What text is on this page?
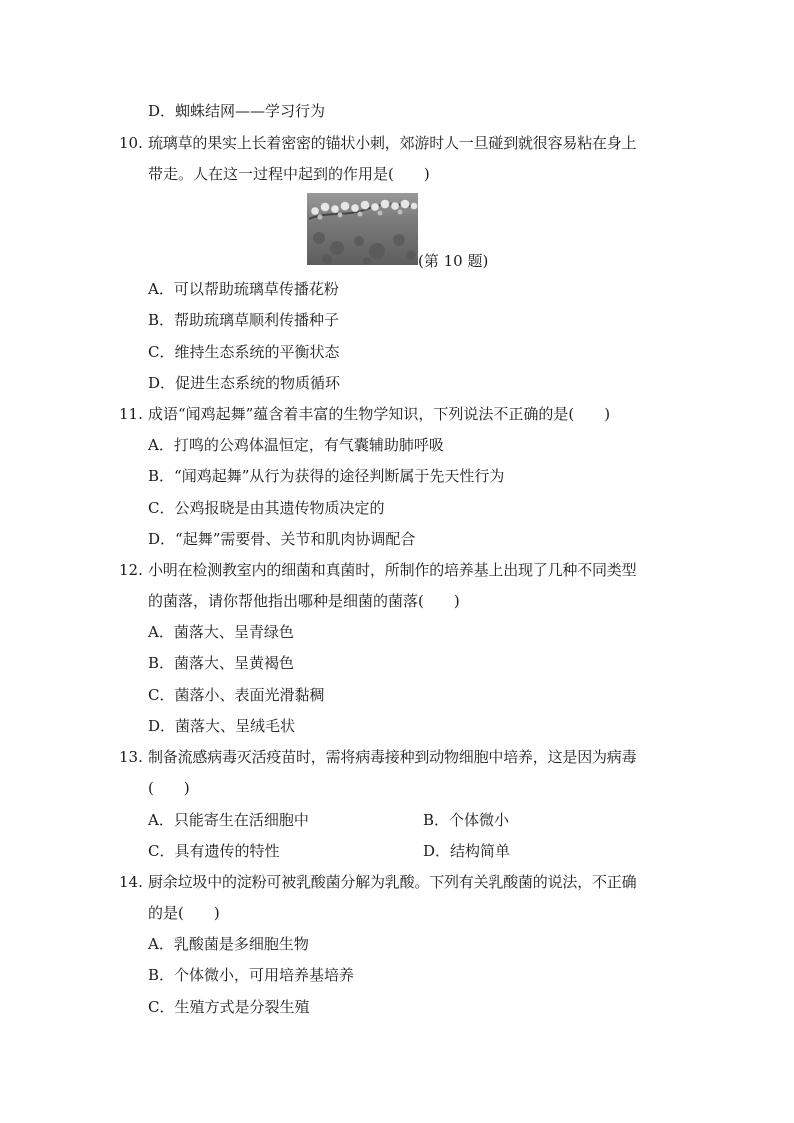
D．蜘蛛结网——学习行为
10. 琉璃草的果实上长着密密的锚状小刺，郊游时人一旦碰到就很容易粘在身上
带走。人在这一过程中起到的作用是(　　)
(第 10 题)
A．可以帮助琉璃草传播花粉
B．帮助琉璃草顺利传播种子
C．维持生态系统的平衡状态
D．促进生态系统的物质循环
11. 成语“闻鸡起舞”蕴含着丰富的生物学知识，下列说法不正确的是(　　)
A．打鸣的公鸡体温恒定，有气囊辅助肺呼吸
B．“闻鸡起舞”从行为获得的途径判断属于先天性行为
C．公鸡报晓是由其遗传物质决定的
D．“起舞”需要骨、关节和肌肉协调配合
12. 小明在检测教室内的细菌和真菌时，所制作的培养基上出现了几种不同类型
的菌落，请你帮他指出哪种是细菌的菌落(　　)
A．菌落大、呈青绿色
B．菌落大、呈黄褐色
C．菌落小、表面光滑黏稠
D．菌落大、呈绒毛状
13. 制备流感病毒灭活疫苗时，需将病毒接种到动物细胞中培养，这是因为病毒
(　　)
A．只能寄生在活细胞中	B．个体微小
C．具有遗传的特性	D．结构简单
14. 厨余垃圾中的淀粉可被乳酸菌分解为乳酸。下列有关乳酸菌的说法，不正确
的是(　　)
A．乳酸菌是多细胞生物
B．个体微小，可用培养基培养
C．生殖方式是分裂生殖
